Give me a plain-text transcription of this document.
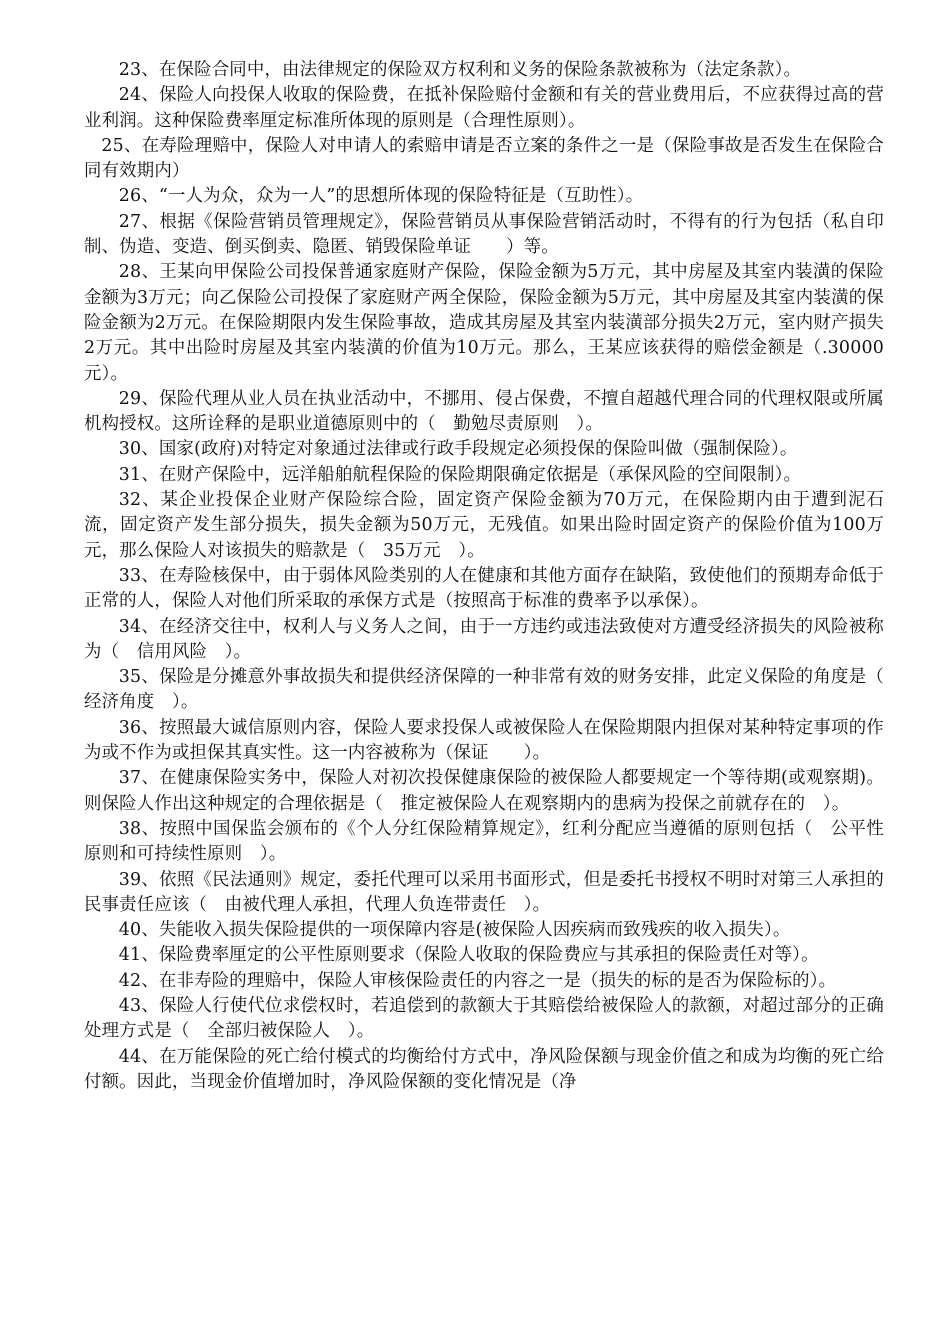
23、在保险合同中，由法律规定的保险双方权利和义务的保险条款被称为（法定条款）。

24、保险人向投保人收取的保险费，在抵补保险赔付金额和有关的营业费用后，不应获得过高的营业利润。这种保险费率厘定标准所体现的原则是（合理性原则）。

25、在寿险理赔中，保险人对申请人的索赔申请是否立案的条件之一是（保险事故是否发生在保险合同有效期内）

26、“一人为众，众为一人”的思想所体现的保险特征是（互助性）。

27、根据《保险营销员管理规定》，保险营销员从事保险营销活动时，不得有的行为包括（私自印制、伪造、变造、倒买倒卖、隐匿、销毁保险单证　　）等。

28、王某向甲保险公司投保普通家庭财产保险，保险金额为5万元，其中房屋及其室内装潢的保险金额为3万元；向乙保险公司投保了家庭财产两全保险，保险金额为5万元，其中房屋及其室内装潢的保险金额为2万元。在保险期限内发生保险事故，造成其房屋及其室内装潢部分损失2万元，室内财产损失2万元。其中出险时房屋及其室内装潢的价值为10万元。那么，王某应该获得的赔偿金额是（.30000元）。

29、保险代理从业人员在执业活动中，不挪用、侵占保费，不擅自超越代理合同的代理权限或所属机构授权。这所诠释的是职业道德原则中的（　勤勉尽责原则　）。

30、国家(政府)对特定对象通过法律或行政手段规定必须投保的保险叫做（强制保险）。

31、在财产保险中，远洋船舶航程保险的保险期限确定依据是（承保风险的空间限制）。

32、某企业投保企业财产保险综合险，固定资产保险金额为70万元，在保险期内由于遭到泥石流，固定资产发生部分损失，损失金额为50万元，无残值。如果出险时固定资产的保险价值为100万元，那么保险人对该损失的赔款是（　35万元　）。

33、在寿险核保中，由于弱体风险类别的人在健康和其他方面存在缺陷，致使他们的预期寿命低于正常的人，保险人对他们所采取的承保方式是（按照高于标准的费率予以承保）。

34、在经济交往中，权利人与义务人之间，由于一方违约或违法致使对方遭受经济损失的风险被称为（　信用风险　）。

35、保险是分摊意外事故损失和提供经济保障的一种非常有效的财务安排，此定义保险的角度是（　经济角度　）。

36、按照最大诚信原则内容，保险人要求投保人或被保险人在保险期限内担保对某种特定事项的作为或不作为或担保其真实性。这一内容被称为（保证　　）。

37、在健康保险实务中，保险人对初次投保健康保险的被保险人都要规定一个等待期(或观察期)。则保险人作出这种规定的合理依据是（　推定被保险人在观察期内的患病为投保之前就存在的　）。

38、按照中国保监会颁布的《个人分红保险精算规定》，红利分配应当遵循的原则包括（　公平性原则和可持续性原则　）。

39、依照《民法通则》规定，委托代理可以采用书面形式，但是委托书授权不明时对第三人承担的民事责任应该（　由被代理人承担，代理人负连带责任　）。

40、失能收入损失保险提供的一项保障内容是(被保险人因疾病而致残疾的收入损失）。

41、保险费率厘定的公平性原则要求（保险人收取的保险费应与其承担的保险责任对等）。

42、在非寿险的理赔中，保险人审核保险责任的内容之一是（损失的标的是否为保险标的）。

43、保险人行使代位求偿权时，若追偿到的款额大于其赔偿给被保险人的款额，对超过部分的正确处理方式是（　全部归被保险人　）。

44、在万能保险的死亡给付模式的均衡给付方式中，净风险保额与现金价值之和成为均衡的死亡给付额。因此，当现金价值增加时，净风险保额的变化情况是（净
